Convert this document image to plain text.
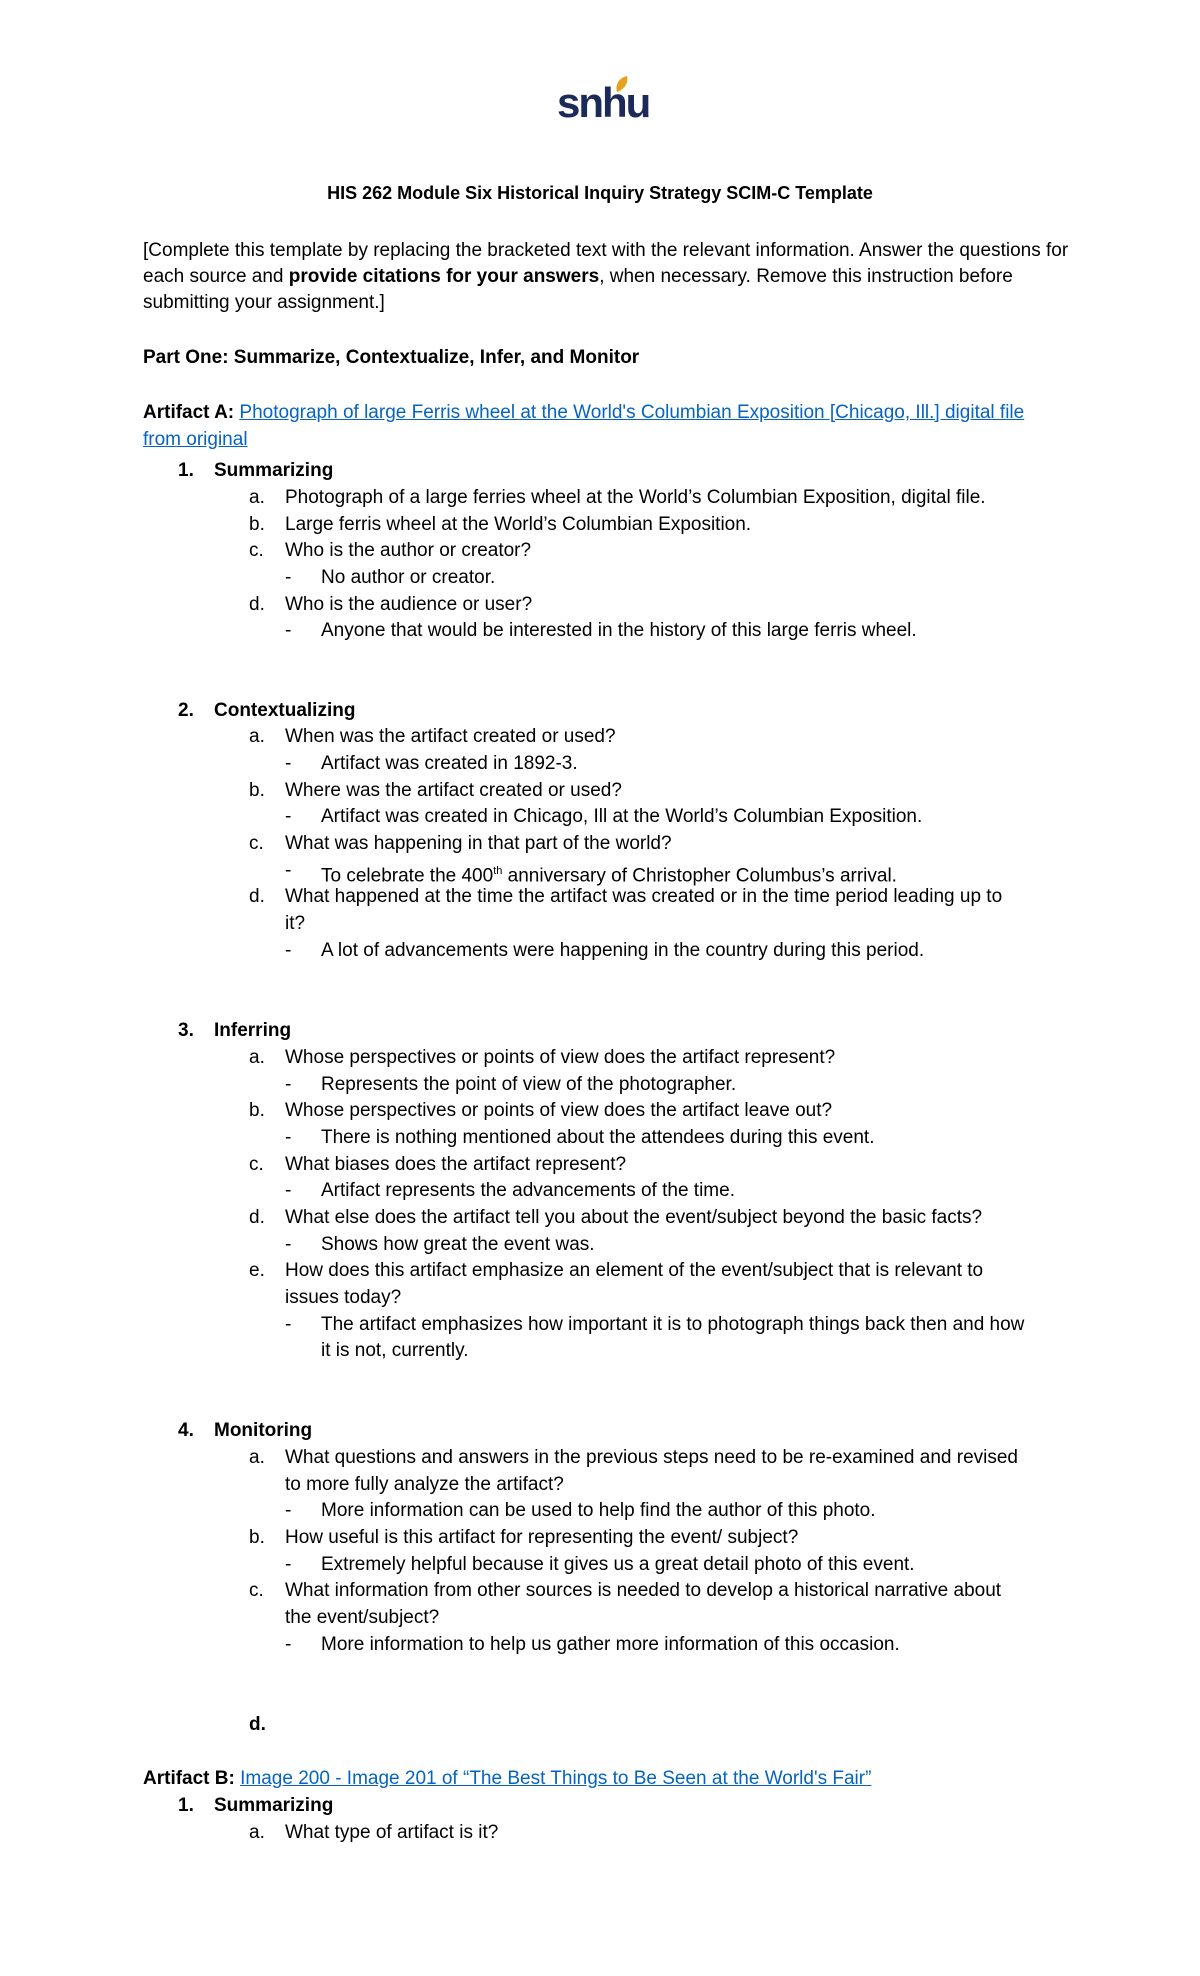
snhu
HIS 262 Module Six Historical Inquiry Strategy SCIM-C Template
[Complete this template by replacing the bracketed text with the relevant information. Answer the questions for each source and provide citations for your answers, when necessary. Remove this instruction before submitting your assignment.]
Part One: Summarize, Contextualize, Infer, and Monitor
Artifact A: Photograph of large Ferris wheel at the World's Columbian Exposition [Chicago, Ill.] digital file
from original
1. Summarizing
a. Photograph of a large ferries wheel at the World’s Columbian Exposition, digital file.
b. Large ferris wheel at the World’s Columbian Exposition.
c. Who is the author or creator?
- No author or creator.
d. Who is the audience or user?
- Anyone that would be interested in the history of this large ferris wheel.
2. Contextualizing
a. When was the artifact created or used?
- Artifact was created in 1892-3.
b. Where was the artifact created or used?
- Artifact was created in Chicago, Ill at the World’s Columbian Exposition.
c. What was happening in that part of the world?
- To celebrate the 400th anniversary of Christopher Columbus’s arrival.
d. What happened at the time the artifact was created or in the time period leading up to
it?
- A lot of advancements were happening in the country during this period.
3. Inferring
a. Whose perspectives or points of view does the artifact represent?
- Represents the point of view of the photographer.
b. Whose perspectives or points of view does the artifact leave out?
- There is nothing mentioned about the attendees during this event.
c. What biases does the artifact represent?
- Artifact represents the advancements of the time.
d. What else does the artifact tell you about the event/subject beyond the basic facts?
- Shows how great the event was.
e. How does this artifact emphasize an element of the event/subject that is relevant to
issues today?
- The artifact emphasizes how important it is to photograph things back then and how
it is not, currently.
4. Monitoring
a. What questions and answers in the previous steps need to be re-examined and revised
to more fully analyze the artifact?
- More information can be used to help find the author of this photo.
b. How useful is this artifact for representing the event/ subject?
- Extremely helpful because it gives us a great detail photo of this event.
c. What information from other sources is needed to develop a historical narrative about
the event/subject?
- More information to help us gather more information of this occasion.
d.
Artifact B: Image 200 - Image 201 of “The Best Things to Be Seen at the World's Fair”
1. Summarizing
a. What type of artifact is it?
